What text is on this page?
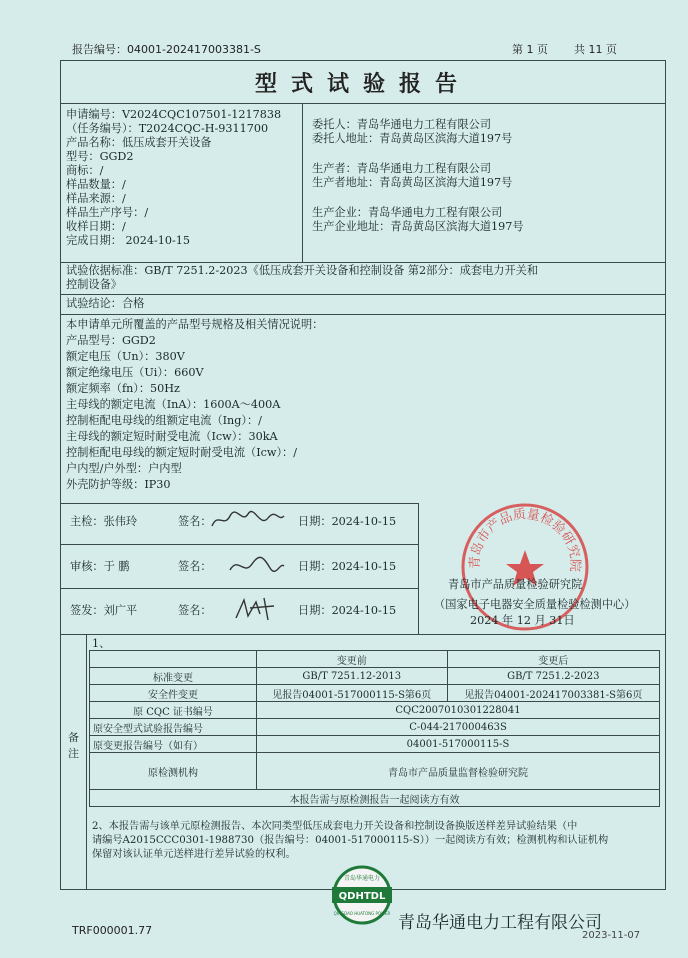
报告编号：04001-202417003381-S	第 1 页 共 11 页
型式试验报告
申请编号：V2024CQC107501-1217838
（任务编号）：T2024CQC-H-9311700
产品名称：低压成套开关设备
型号：GGD2
商标：/
样品数量：/
样品来源：/
样品生产序号：/
收样日期：/
完成日期： 2024-10-15
委托人：青岛华通电力工程有限公司
委托人地址：青岛黄岛区滨海大道197号
生产者：青岛华通电力工程有限公司
生产者地址：青岛黄岛区滨海大道197号
生产企业：青岛华通电力工程有限公司
生产企业地址：青岛黄岛区滨海大道197号
试验依据标准：GB/T 7251.2-2023《低压成套开关设备和控制设备 第2部分：成套电力开关和
控制设备》
试验结论：合格
本申请单元所覆盖的产品型号规格及相关情况说明：
产品型号：GGD2
额定电压（Un）：380V
额定绝缘电压（Ui）：660V
额定频率（fn）：50Hz
主母线的额定电流（InA）：1600A～400A
控制柜配电母线的组额定电流（Ing）：/
主母线的额定短时耐受电流（Icw）：30kA
控制柜配电母线的额定短时耐受电流（Icw）：/
户内型/户外型：户内型
外壳防护等级：IP30
主检：张伟玲	签名：	日期：2024-10-15
审核：于 鹏	签名：	日期：2024-10-15
签发：刘广平	签名：	日期：2024-10-15
青岛市产品质量检验研究院
青岛市产品质量检验研究院
（国家电子电器安全质量检验检测中心）
2024 年 12 月 31日
备注
1、
	变更前	变更后
标准变更	GB/T 7251.12-2013	GB/T 7251.2-2023
安全件变更	见报告04001-517000115-S第6页	见报告04001-202417003381-S第6页
原 CQC 证书编号	CQC2007010301228041	
原安全型式试验报告编号	C-044-217000463S	
原变更报告编号（如有）	04001-517000115-S	
原检测机构	青岛市产品质量监督检验研究院	
本报告需与原检测报告一起阅读方有效		
2、本报告需与该单元原检测报告、本次同类型低压成套电力开关设备和控制设备换版送样差异试验结果（中
请编号A2015CCC0301-1988730（报告编号：04001-517000115-S））一起阅读方有效；检测机构和认证机构
保留对该认证单元送样进行差异试验的权利。
TRF000001.77
QDHTDL
青岛华通电力
QINGDAO HUATONG POWER 青岛华通电力工程有限公司
2023-11-07
